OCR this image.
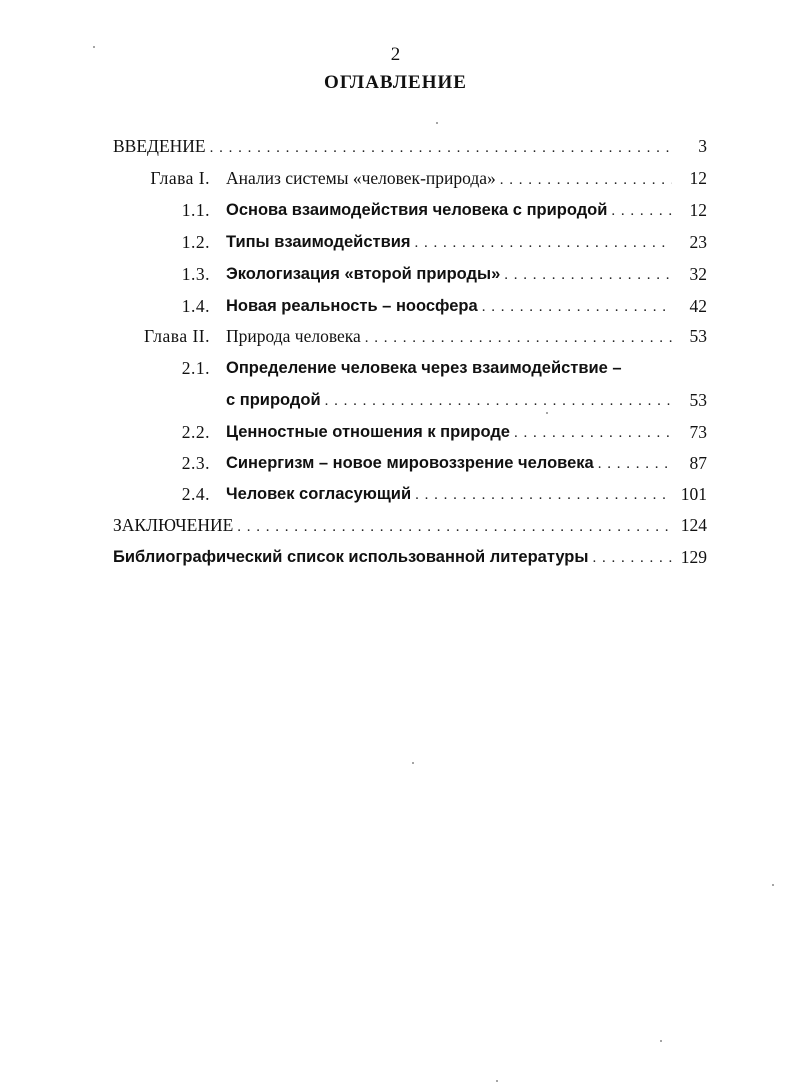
2
ОГЛАВЛЕНИЕ
ВВЕДЕНИЕ . . .	3
Глава I. Анализ системы «человек-природа» . . .	12
1.1. Основа взаимодействия человека с природой . . .	12
1.2. Типы взаимодействия . . .	23
1.3. Экологизация «второй природы» . . .	32
1.4. Новая реальность – ноосфера . . .	42
Глава II. Природа человека . . .	53
2.1. Определение человека через взаимодействие –
с природой . . .	53
2.2. Ценностные отношения к природе . . .	73
2.3. Синергизм – новое мировоззрение человека . . .	87
2.4. Человек согласующий . . .	101
ЗАКЛЮЧЕНИЕ . . .	124
Библиографический список использованной литературы . . .	129
